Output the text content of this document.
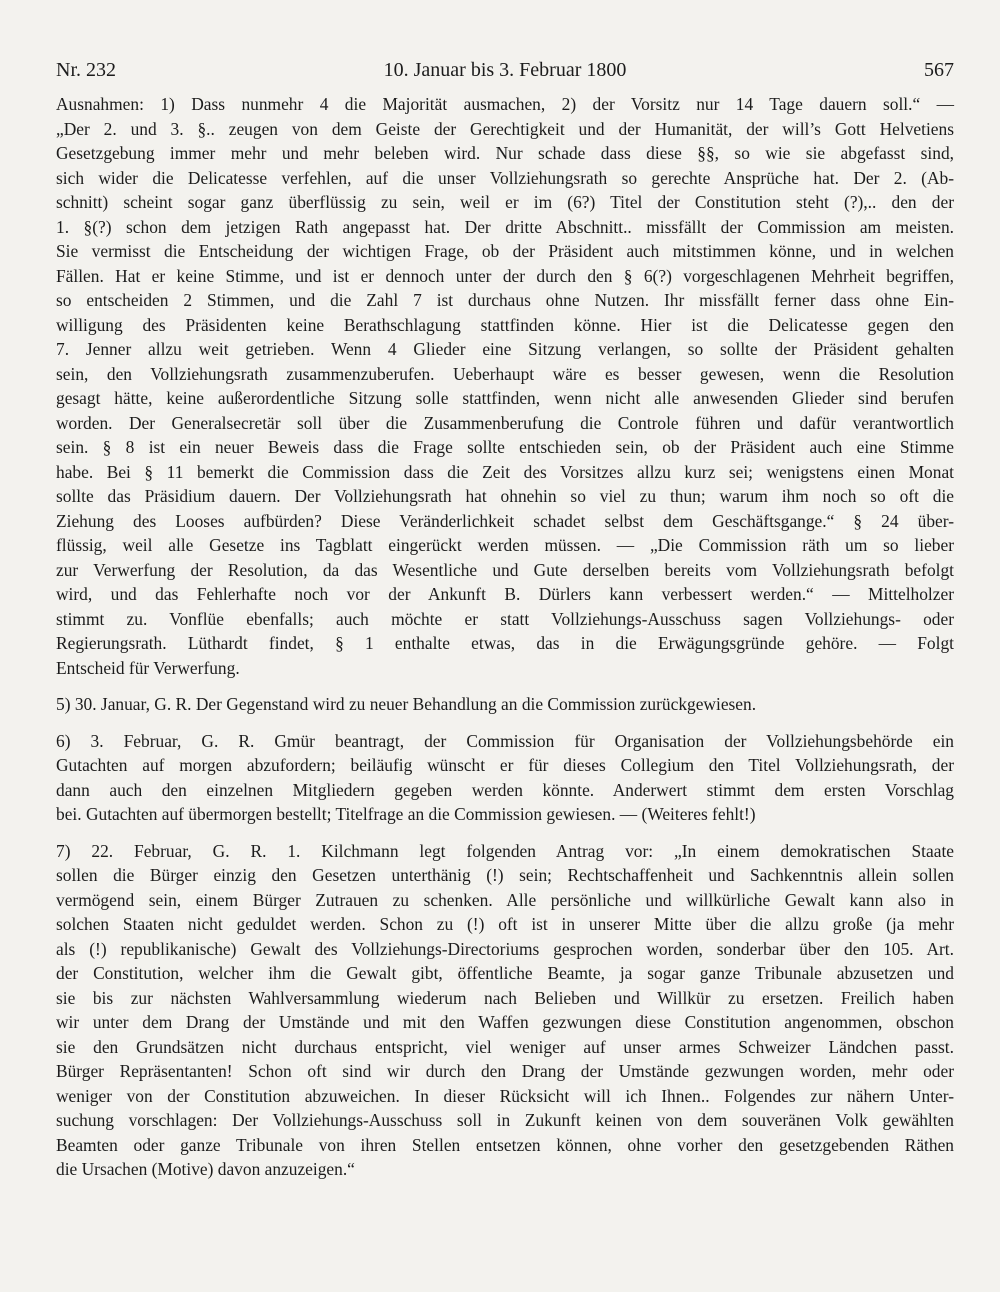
Nr. 232	10. Januar bis 3. Februar 1800	567

Ausnahmen: 1) Dass nunmehr 4 die Majorität ausmachen, 2) der Vorsitz nur 14 Tage dauern soll.“ —
„Der 2. und 3. §.. zeugen von dem Geiste der Gerechtigkeit und der Humanität, der will’s Gott Helvetiens
Gesetzgebung immer mehr und mehr beleben wird. Nur schade dass diese §§, so wie sie abgefasst sind,
sich wider die Delicatesse verfehlen, auf die unser Vollziehungsrath so gerechte Ansprüche hat. Der 2. (Ab-
schnitt) scheint sogar ganz überflüssig zu sein, weil er im (6?) Titel der Constitution steht (?),.. den der
1. §(?) schon dem jetzigen Rath angepasst hat. Der dritte Abschnitt.. missfällt der Commission am meisten.
Sie vermisst die Entscheidung der wichtigen Frage, ob der Präsident auch mitstimmen könne, und in welchen
Fällen. Hat er keine Stimme, und ist er dennoch unter der durch den § 6(?) vorgeschlagenen Mehrheit begriffen,
so entscheiden 2 Stimmen, und die Zahl 7 ist durchaus ohne Nutzen. Ihr missfällt ferner dass ohne Ein-
willigung des Präsidenten keine Berathschlagung stattfinden könne. Hier ist die Delicatesse gegen den
7. Jenner allzu weit getrieben. Wenn 4 Glieder eine Sitzung verlangen, so sollte der Präsident gehalten
sein, den Vollziehungsrath zusammenzuberufen. Ueberhaupt wäre es besser gewesen, wenn die Resolution
gesagt hätte, keine außerordentliche Sitzung solle stattfinden, wenn nicht alle anwesenden Glieder sind berufen
worden. Der Generalsecretär soll über die Zusammenberufung die Controle führen und dafür verantwortlich
sein. § 8 ist ein neuer Beweis dass die Frage sollte entschieden sein, ob der Präsident auch eine Stimme
habe. Bei § 11 bemerkt die Commission dass die Zeit des Vorsitzes allzu kurz sei; wenigstens einen Monat
sollte das Präsidium dauern. Der Vollziehungsrath hat ohnehin so viel zu thun; warum ihm noch so oft die
Ziehung des Looses aufbürden? Diese Veränderlichkeit schadet selbst dem Geschäftsgange.“ § 24 über-
flüssig, weil alle Gesetze ins Tagblatt eingerückt werden müssen. — „Die Commission räth um so lieber
zur Verwerfung der Resolution, da das Wesentliche und Gute derselben bereits vom Vollziehungsrath befolgt
wird, und das Fehlerhafte noch vor der Ankunft B. Dürlers kann verbessert werden.“ — Mittelholzer
stimmt zu. Vonflüe ebenfalls; auch möchte er statt Vollziehungs-Ausschuss sagen Vollziehungs- oder
Regierungsrath. Lüthardt findet, § 1 enthalte etwas, das in die Erwägungsgründe gehöre. — Folgt
Entscheid für Verwerfung.

5) 30. Januar, G. R. Der Gegenstand wird zu neuer Behandlung an die Commission zurückgewiesen.

6) 3. Februar, G. R. Gmür beantragt, der Commission für Organisation der Vollziehungsbehörde ein
Gutachten auf morgen abzufordern; beiläufig wünscht er für dieses Collegium den Titel Vollziehungsrath, der
dann auch den einzelnen Mitgliedern gegeben werden könnte. Anderwert stimmt dem ersten Vorschlag
bei. Gutachten auf übermorgen bestellt; Titelfrage an die Commission gewiesen. — (Weiteres fehlt!)

7) 22. Februar, G. R. 1. Kilchmann legt folgenden Antrag vor: „In einem demokratischen Staate
sollen die Bürger einzig den Gesetzen unterthänig (!) sein; Rechtschaffenheit und Sachkenntnis allein sollen
vermögend sein, einem Bürger Zutrauen zu schenken. Alle persönliche und willkürliche Gewalt kann also in
solchen Staaten nicht geduldet werden. Schon zu (!) oft ist in unserer Mitte über die allzu große (ja mehr
als (!) republikanische) Gewalt des Vollziehungs-Directoriums gesprochen worden, sonderbar über den 105. Art.
der Constitution, welcher ihm die Gewalt gibt, öffentliche Beamte, ja sogar ganze Tribunale abzusetzen und
sie bis zur nächsten Wahlversammlung wiederum nach Belieben und Willkür zu ersetzen. Freilich haben
wir unter dem Drang der Umstände und mit den Waffen gezwungen diese Constitution angenommen, obschon
sie den Grundsätzen nicht durchaus entspricht, viel weniger auf unser armes Schweizer Ländchen passt.
Bürger Repräsentanten! Schon oft sind wir durch den Drang der Umstände gezwungen worden, mehr oder
weniger von der Constitution abzuweichen. In dieser Rücksicht will ich Ihnen.. Folgendes zur nähern Unter-
suchung vorschlagen: Der Vollziehungs-Ausschuss soll in Zukunft keinen von dem souveränen Volk gewählten
Beamten oder ganze Tribunale von ihren Stellen entsetzen können, ohne vorher den gesetzgebenden Räthen
die Ursachen (Motive) davon anzuzeigen.“
